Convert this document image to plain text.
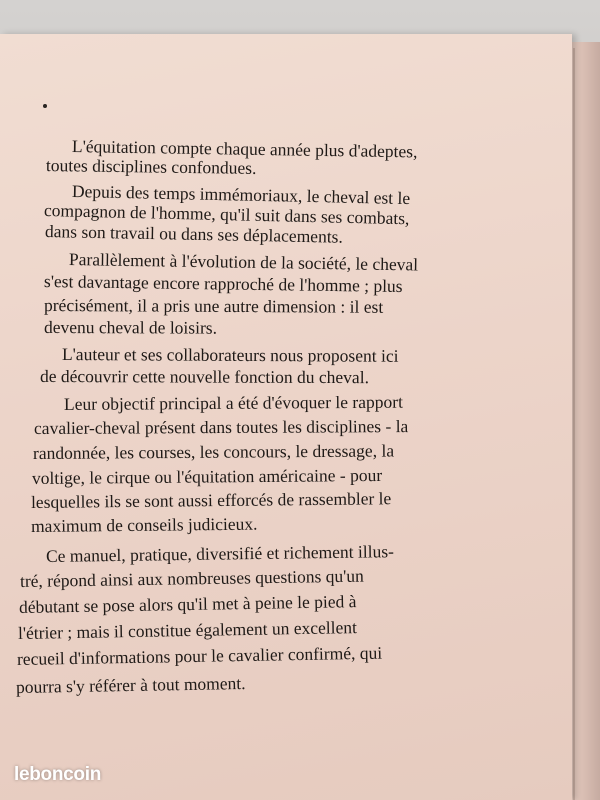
L'équitation compte chaque année plus d'adeptes,
toutes disciplines confondues.
Depuis des temps immémoriaux, le cheval est le
compagnon de l'homme, qu'il suit dans ses combats,
dans son travail ou dans ses déplacements.
Parallèlement à l'évolution de la société, le cheval
s'est davantage encore rapproché de l'homme ; plus
précisément, il a pris une autre dimension : il est
devenu cheval de loisirs.
L'auteur et ses collaborateurs nous proposent ici
de découvrir cette nouvelle fonction du cheval.
Leur objectif principal a été d'évoquer le rapport
cavalier-cheval présent dans toutes les disciplines - la
randonnée, les courses, les concours, le dressage, la
voltige, le cirque ou l'équitation américaine - pour
lesquelles ils se sont aussi efforcés de rassembler le
maximum de conseils judicieux.
Ce manuel, pratique, diversifié et richement illus-
tré, répond ainsi aux nombreuses questions qu'un
débutant se pose alors qu'il met à peine le pied à
l'étrier ; mais il constitue également un excellent
recueil d'informations pour le cavalier confirmé, qui
pourra s'y référer à tout moment.
leboncoin
